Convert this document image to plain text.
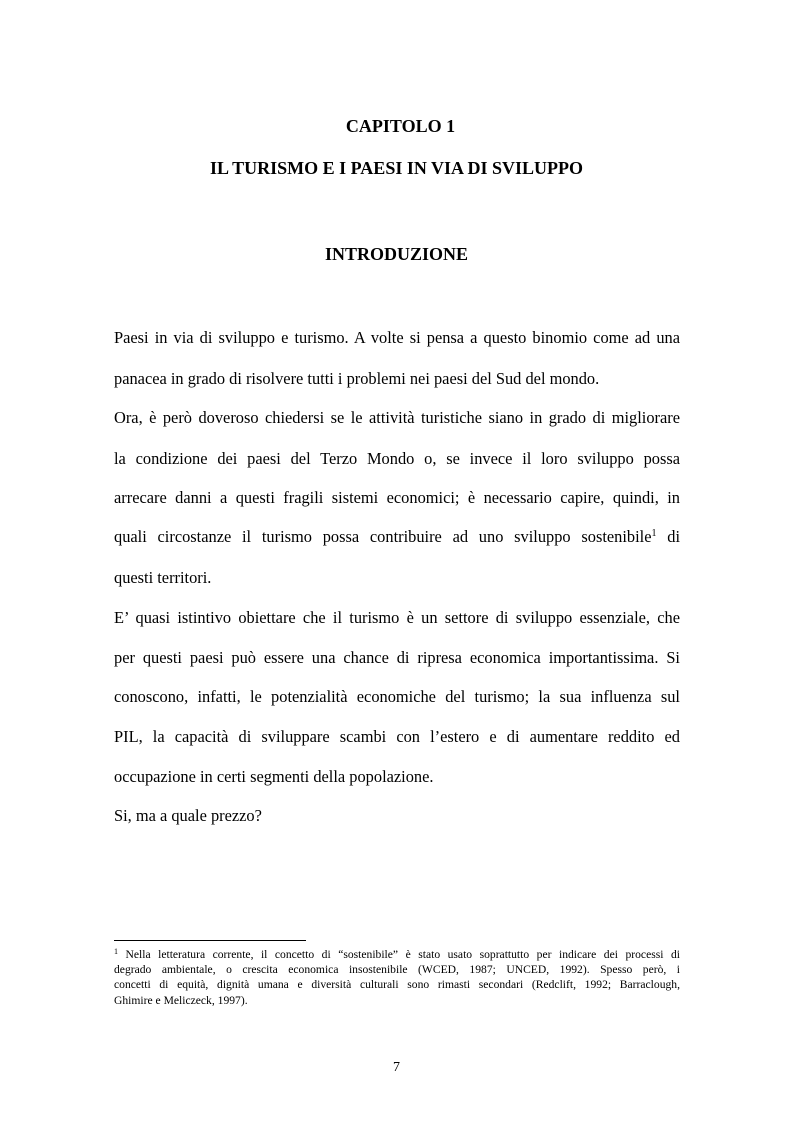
CAPITOLO 1
IL TURISMO E I PAESI IN VIA DI SVILUPPO
INTRODUZIONE
Paesi in via di sviluppo e turismo. A volte si pensa a questo binomio come ad una
panacea in grado di risolvere tutti i problemi nei paesi del Sud del mondo.
Ora, è però doveroso chiedersi se le attività turistiche siano in grado di migliorare
la condizione dei paesi del Terzo Mondo o, se invece il loro sviluppo possa
arrecare danni a questi fragili sistemi economici; è necessario capire, quindi, in
quali circostanze il turismo possa contribuire ad uno sviluppo sostenibile$^1$ di
questi territori.
E’ quasi istintivo obiettare che il turismo è un settore di sviluppo essenziale, che
per questi paesi può essere una chance di ripresa economica importantissima. Si
conoscono, infatti, le potenzialità economiche del turismo; la sua influenza sul
PIL, la capacità di sviluppare scambi con l’estero e di aumentare reddito ed
occupazione in certi segmenti della popolazione.
Si, ma a quale prezzo?
$^1$ Nella letteratura corrente, il concetto di “sostenibile” è stato usato soprattutto per indicare dei processi di
degrado ambientale, o crescita economica insostenibile (WCED, 1987; UNCED, 1992). Spesso però, i
concetti di equità, dignità umana e diversità culturali sono rimasti secondari (Redclift, 1992; Barraclough,
Ghimire e Meliczeck, 1997).
7
